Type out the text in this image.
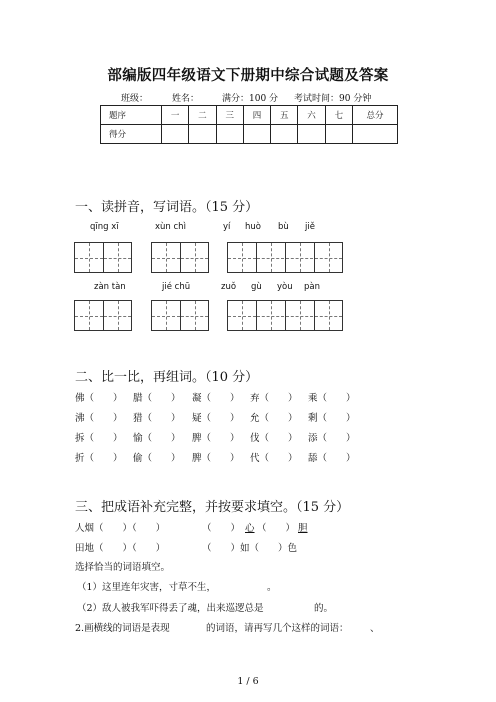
部编版四年级语文下册期中综合试题及答案
班级：	姓名：	满分：100 分 考试时间：90 分钟
题序	一	二	三	四	五	六	七	总分
得分								
一、读拼音，写词语。（15 分）
qīng xī	xùn chì	yí huò bù jiě
zàn tàn	jié chū	zuǒ gù yòu pàn
二、比一比，再组词。（10 分）
佛（　　） 腊（　　） 凝（　　） 弃（　　） 乘（　　）
沸（　　） 猎（　　） 疑（　　） 允（　　） 剩（　　）
拆（　　） 愉（　　） 脾（　　） 伐（　　） 添（　　）
折（　　） 偷（　　） 脾（　　） 代（　　） 舔（　　）
三、把成语补充完整，并按要求填空。（15 分）
人烟（　　）（　　）	（　　） 心 （　　） 胆
田地（　　）（　　）	（　　）如（　　）色
选择恰当的词语填空。
（1）这里连年灾害，寸草不生，	。
（2）敌人被我军吓得丢了魂，出来巡逻总是	的。
2.画横线的词语是表现	的词语，请再写几个这样的词语： 、
1 / 6
